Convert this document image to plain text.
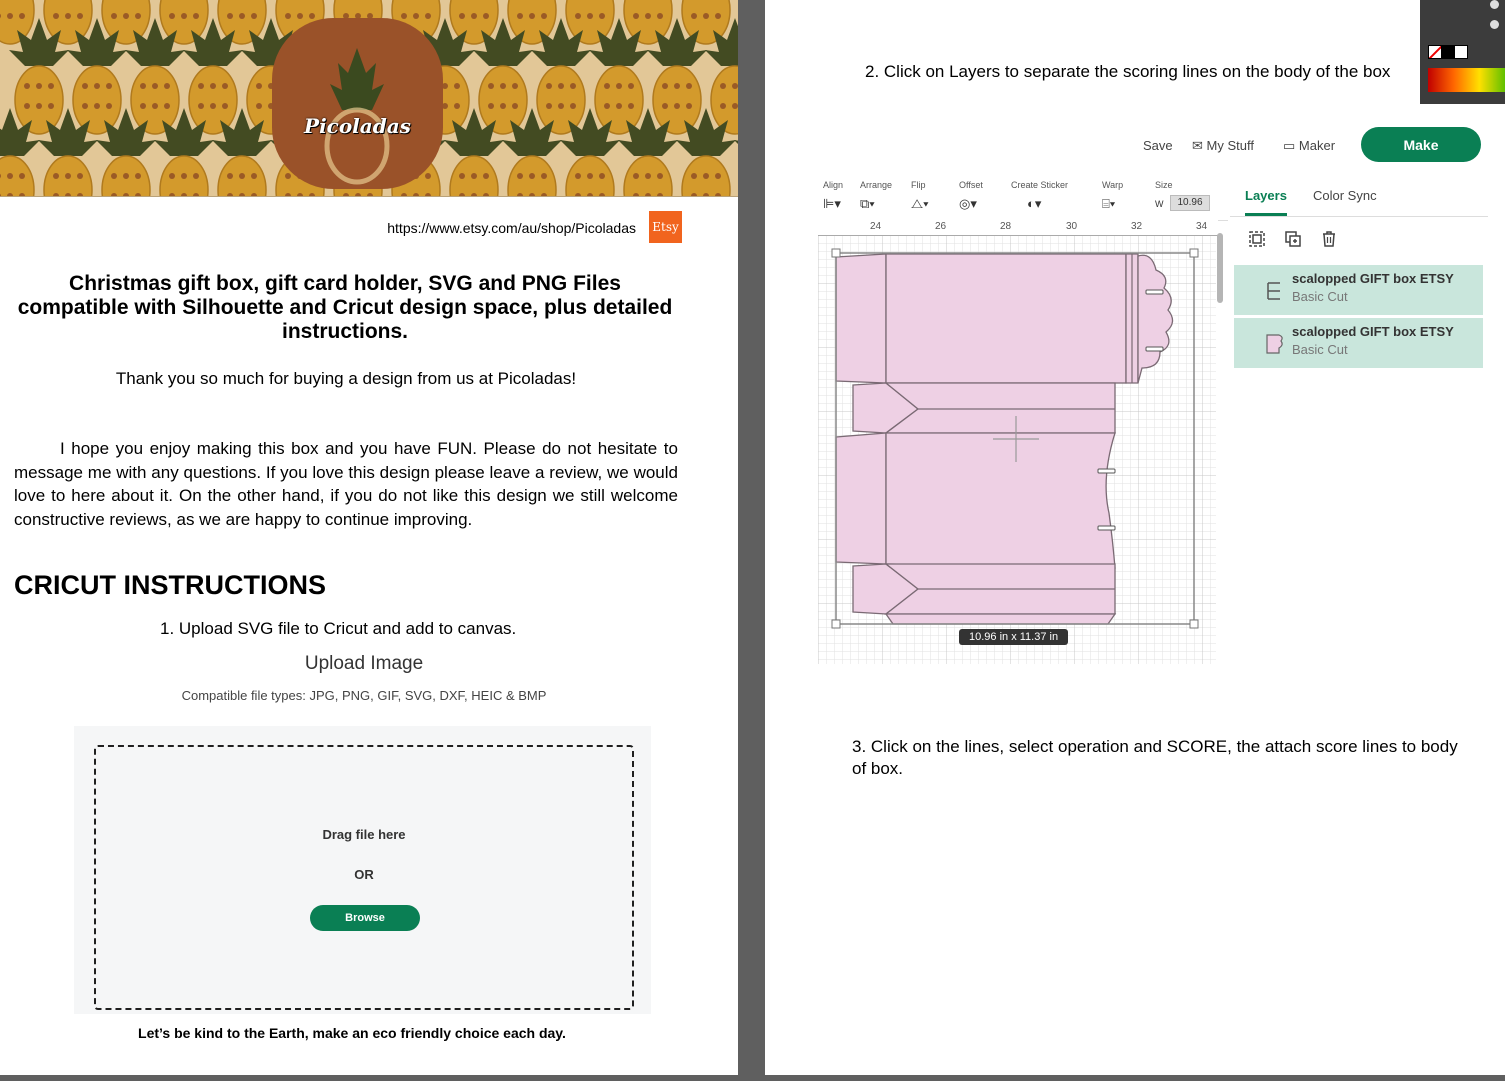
Picoladas
https://www.etsy.com/au/shop/Picoladas Etsy
Christmas gift box, gift card holder, SVG and PNG Files compatible with Silhouette and Cricut design space, plus detailed instructions.
Thank you so much for buying a design from us at Picoladas!

I hope you enjoy making this box and you have FUN. Please do not hesitate to message me with any questions. If you love this design please leave a review, we would love to here about it. On the other hand, if you do not like this design we still welcome constructive reviews, as we are happy to continue improving.

CRICUT INSTRUCTIONS
1. Upload SVG file to Cricut and add to canvas.
Upload Image
Compatible file types: JPG, PNG, GIF, SVG, DXF, HEIC & BMP
Drag file here
OR
Browse
Let’s be kind to the Earth, make an eco friendly choice each day.
2. Click on Layers to separate the scoring lines on the body of the box
Save ✉ My Stuff ▭ Maker	Make
Align
⊫▾
Arrange
⧉▾
Flip
⧍▾
Offset
◎▾
Create Sticker
◐▾
Warp
⌸▾
Size
W	10.96
24	26	28	30	32	34
10.96 in x 11.37 in
Layers Color Sync
scalopped GIFT box ETSY
Basic Cut
scalopped GIFT box ETSY
Basic Cut

3. Click on the lines, select operation and SCORE, the attach score lines to body of box.
